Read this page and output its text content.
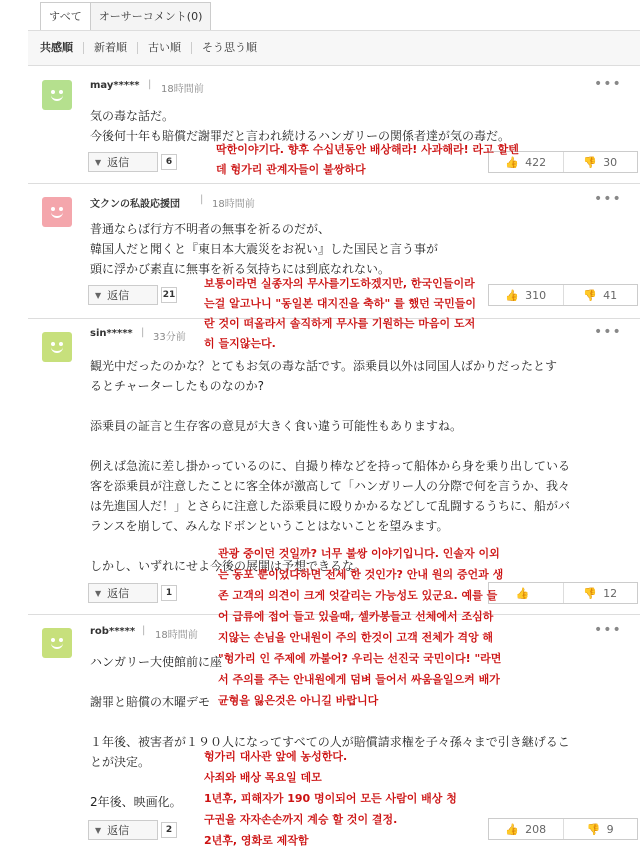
すべて	オーサーコメント(0)
共感順	新着順	古い順	そう思う順
may***** | 18時間前	•••

気の毒な話だ。

今後何十年も賠償だ謝罪だと言われ続けるハンガリーの関係者達が気の毒だ。

▼ 返信	6	👍 422	👎 30
文クンの私設応援団 | 18時間前	•••

普通ならば行方不明者の無事を祈るのだが、

韓国人だと聞くと『東日本大震災をお祝い』した国民と言う事が

頭に浮かび素直に無事を祈る気持ちには到底なれない。

▼ 返信	21	👍 310	👎 41
sin***** | 33分前	•••

観光中だったのかな？とてもお気の毒な話です。添乗員以外は同国人ばかりだったとす

るとチャーターしたものなのか?

添乗員の証言と生存客の意見が大きく食い違う可能性もありますね。

例えば急流に差し掛かっているのに、自撮り棒などを持って船体から身を乗り出している

客を添乗員が注意したことに客全体が激高して「ハンガリー人の分際で何を言うか、我々

は先進国人だ！」とさらに注意した添乗員に殴りかかるなどして乱闘するうちに、船がバ

ランスを崩して、みんなドボンということはないことを望みます。

しかし、いずれにせよ今後の展開は予想できるな。

▼ 返信	1	👍	👎 12
rob***** | 18時間前	•••

ハンガリー大使館前に座

謝罪と賠償の木曜デモ

１年後、被害者が１９０人になってすべての人が賠償請求権を子々孫々まで引き継げるこ

とが決定。

2年後、映画化。

▼ 返信	2	👍 208	👎 9

딱한이야기다. 향후 수십년동안 배상해라! 사과해라! 라고 할텐

데 헝가리 관계자들이 불쌍하다

보통이라면 실종자의 무사를기도하겠지만, 한국인들이라

는걸 알고나니 "동일본 대지진을 축하" 를 했던 국민들이

란 것이 떠올라서 솔직하게 무사를 기원하는 마음이 도저

히 들지않는다.

관광 중이던 것일까? 너무 불쌍 이야기입니다. 인솔자 이외

는 동포 뿐이었다하면 전세 한 것인가? 안내 원의 증언과 생

존 고객의 의견이 크게 엇갈리는 가능성도 있군요. 예를 들

어 급류에 접어 들고 있을때, 셀카봉들고 선체에서 조심하

지않는 손님을 안내원이 주의 한것이 고객 전체가 격앙 해

"헝가리 인 주제에 까불어? 우리는 선진국 국민이다! "라면

서 주의를 주는 안내원에게 덤벼 들어서 싸움을일으켜 배가

균형을 잃은것은 아니길 바랍니다

헝가리 대사관 앞에 농성한다.

사죄와 배상 목요일 데모

1년후, 피해자가 190 명이되어 모든 사람이 배상 청

구권을 자자손손까지 계승 할 것이 결정.

2년후, 영화로 제작함
